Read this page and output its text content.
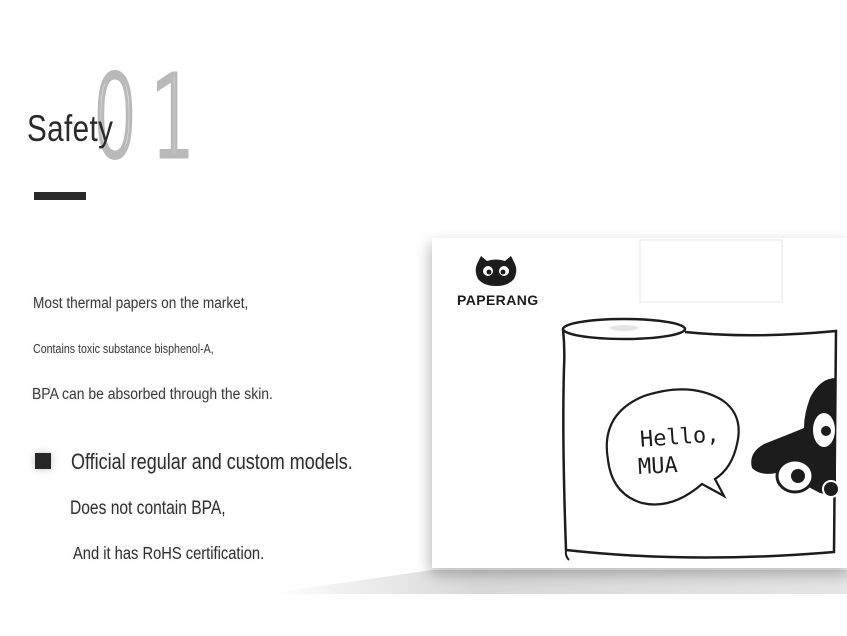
01
Safety
Most thermal papers on the market,
Contains toxic substance bisphenol-A,
BPA can be absorbed through the skin.
Official regular and custom models.
Does not contain BPA,
And it has RoHS certification.
PAPERANG
Hello,
MUA
